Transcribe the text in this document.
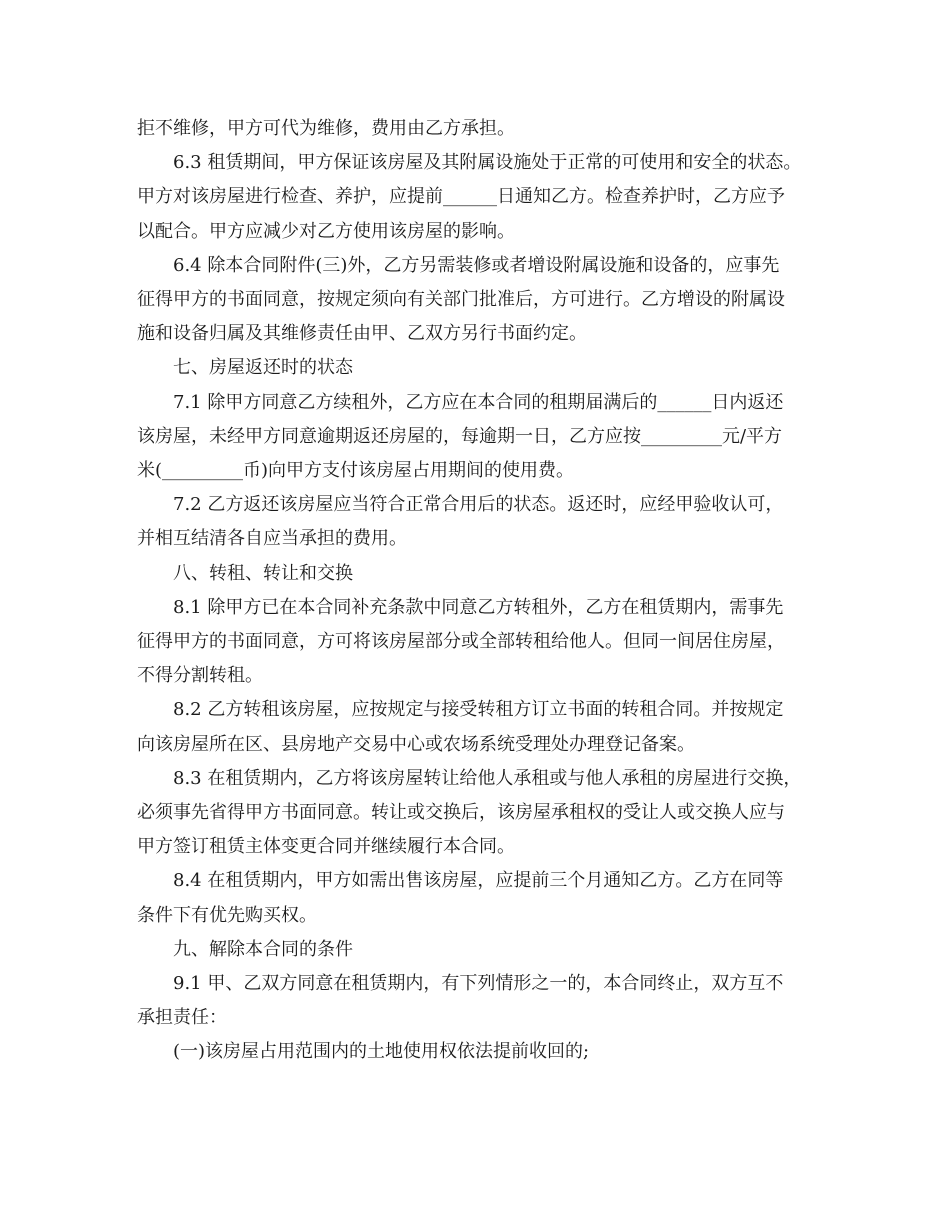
拒不维修，甲方可代为维修，费用由乙方承担。

6.3 租赁期间，甲方保证该房屋及其附属设施处于正常的可使用和安全的状态。

甲方对该房屋进行检查、养护，应提前______日通知乙方。检查养护时，乙方应予

以配合。甲方应减少对乙方使用该房屋的影响。

6.4 除本合同附件(三)外，乙方另需装修或者增设附属设施和设备的，应事先

征得甲方的书面同意，按规定须向有关部门批准后，方可进行。乙方增设的附属设

施和设备归属及其维修责任由甲、乙双方另行书面约定。

七、房屋返还时的状态

7.1 除甲方同意乙方续租外，乙方应在本合同的租期届满后的______日内返还

该房屋，未经甲方同意逾期返还房屋的，每逾期一日，乙方应按_________元/平方

米(_________币)向甲方支付该房屋占用期间的使用费。

7.2 乙方返还该房屋应当符合正常合用后的状态。返还时，应经甲验收认可，

并相互结清各自应当承担的费用。

八、转租、转让和交换

8.1 除甲方已在本合同补充条款中同意乙方转租外，乙方在租赁期内，需事先

征得甲方的书面同意，方可将该房屋部分或全部转租给他人。但同一间居住房屋，

不得分割转租。

8.2 乙方转租该房屋，应按规定与接受转租方订立书面的转租合同。并按规定

向该房屋所在区、县房地产交易中心或农场系统受理处办理登记备案。

8.3 在租赁期内，乙方将该房屋转让给他人承租或与他人承租的房屋进行交换，

必须事先省得甲方书面同意。转让或交换后，该房屋承租权的受让人或交换人应与

甲方签订租赁主体变更合同并继续履行本合同。

8.4 在租赁期内，甲方如需出售该房屋，应提前三个月通知乙方。乙方在同等

条件下有优先购买权。

九、解除本合同的条件

9.1 甲、乙双方同意在租赁期内，有下列情形之一的，本合同终止，双方互不

承担责任：

(一)该房屋占用范围内的土地使用权依法提前收回的;
